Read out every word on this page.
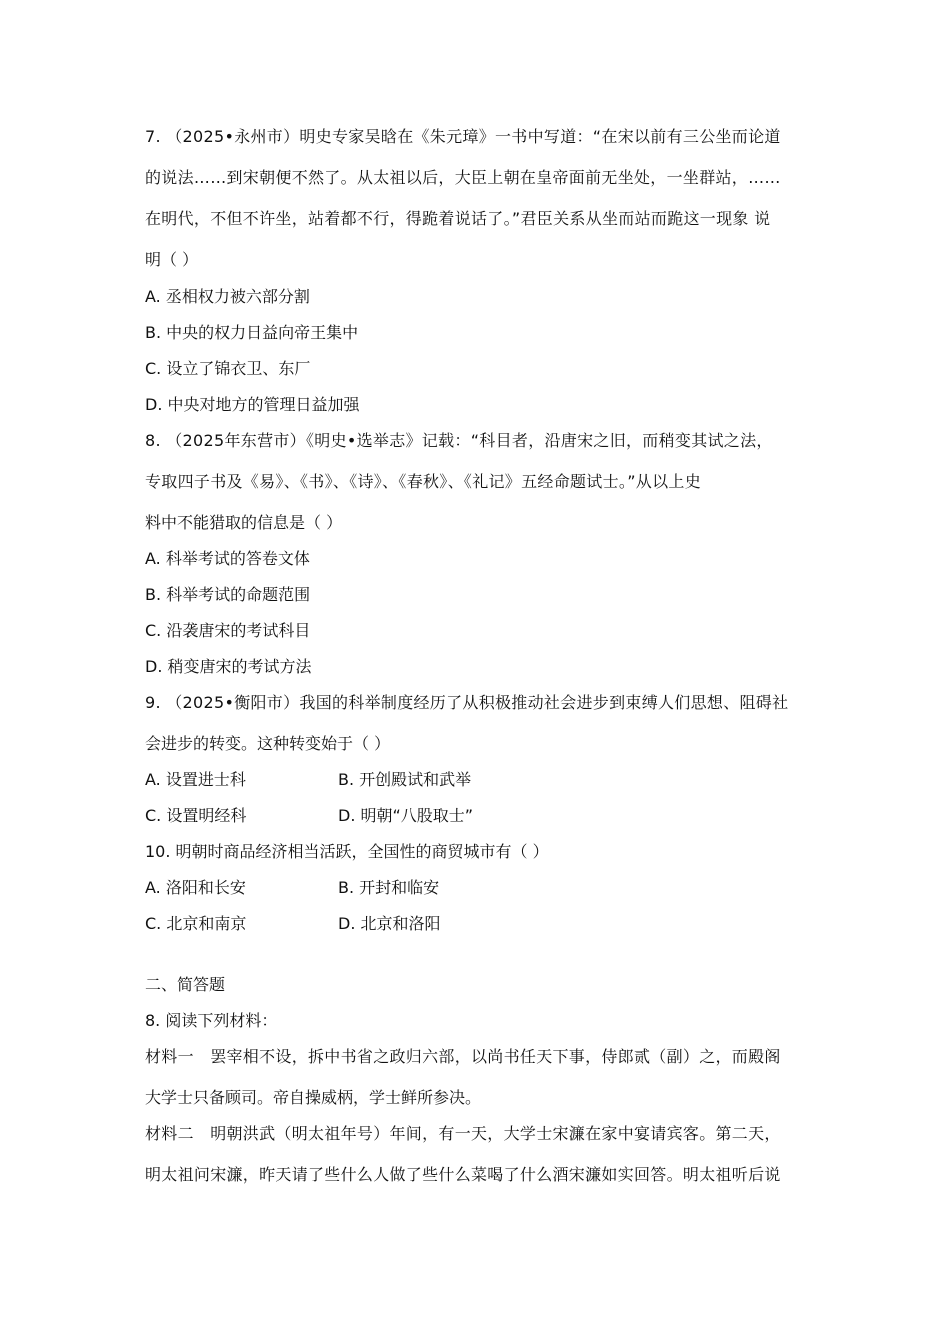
7. （2025•永州市）明史专家吴晗在《朱元璋》一书中写道：“在宋以前有三公坐而论道
的说法……到宋朝便不然了。从太祖以后，大臣上朝在皇帝面前无坐处，一坐群站，……
在明代，不但不许坐，站着都不行，得跪着说话了。”君臣关系从坐而站而跪这一现象 说
明（ ）
A. 丞相权力被六部分割
B. 中央的权力日益向帝王集中
C. 设立了锦衣卫、东厂
D. 中央对地方的管理日益加强
8. （2025年东营市）《明史•选举志》记载：“科目者，沿唐宋之旧，而稍变其试之法，
专取四子书及《易》、《书》、《诗》、《春秋》、《礼记》五经命题试士。”从以上史
料中不能猎取的信息是（ ）
A. 科举考试的答卷文体
B. 科举考试的命题范围
C. 沿袭唐宋的考试科目
D. 稍变唐宋的考试方法
9. （2025•衡阳市）我国的科举制度经历了从积极推动社会进步到束缚人们思想、阻碍社
会进步的转变。这种转变始于（ ）
A. 设置进士科	B. 开创殿试和武举
C. 设置明经科	D. 明朝“八股取士”
10. 明朝时商品经济相当活跃，全国性的商贸城市有（ ）
A. 洛阳和长安	B. 开封和临安
C. 北京和南京	D. 北京和洛阳
二、简答题
8. 阅读下列材料：
材料一　罢宰相不设，拆中书省之政归六部，以尚书任天下事，侍郎贰（副）之，而殿阁
大学士只备顾司。帝自操威柄，学士鲜所参决。
材料二　明朝洪武（明太祖年号）年间，有一天，大学士宋濂在家中宴请宾客。第二天，
明太祖问宋濂，昨天请了些什么人做了些什么菜喝了什么酒宋濂如实回答。明太祖听后说
